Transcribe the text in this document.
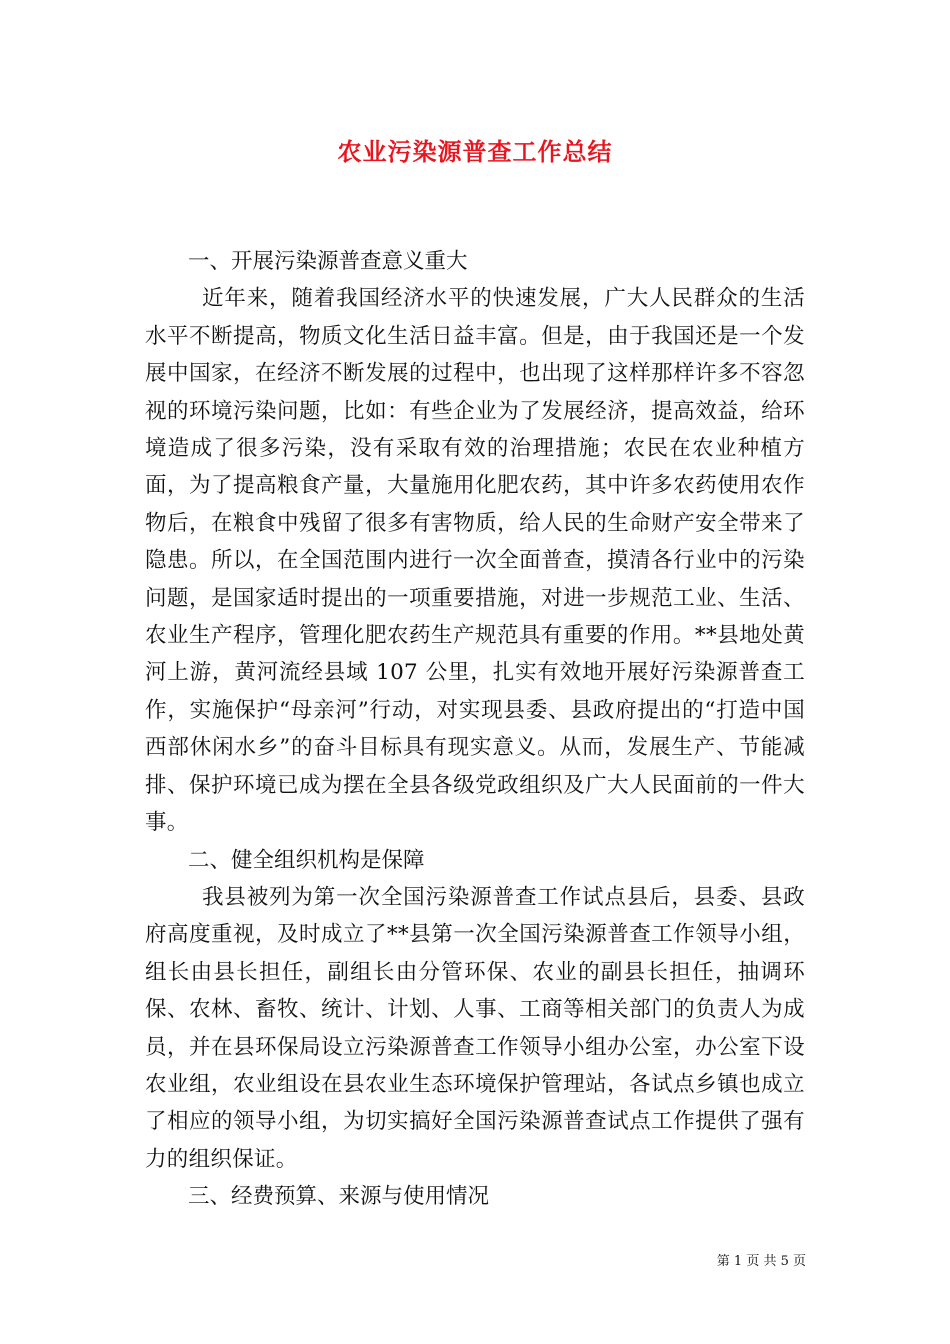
农业污染源普查工作总结

一、开展污染源普查意义重大

近年来，随着我国经济水平的快速发展，广大人民群众的生活水平不断提高，物质文化生活日益丰富。但是，由于我国还是一个发展中国家，在经济不断发展的过程中，也出现了这样那样许多不容忽视的环境污染问题，比如：有些企业为了发展经济，提高效益，给环境造成了很多污染，没有采取有效的治理措施；农民在农业种植方面，为了提高粮食产量，大量施用化肥农药，其中许多农药使用农作物后，在粮食中残留了很多有害物质，给人民的生命财产安全带来了隐患。所以，在全国范围内进行一次全面普查，摸清各行业中的污染问题，是国家适时提出的一项重要措施，对进一步规范工业、生活、农业生产程序，管理化肥农药生产规范具有重要的作用。**县地处黄河上游，黄河流经县域 107 公里，扎实有效地开展好污染源普查工作，实施保护“母亲河”行动，对实现县委、县政府提出的“打造中国西部休闲水乡”的奋斗目标具有现实意义。从而，发展生产、节能减排、保护环境已成为摆在全县各级党政组织及广大人民面前的一件大事。

二、健全组织机构是保障

我县被列为第一次全国污染源普查工作试点县后，县委、县政府高度重视，及时成立了**县第一次全国污染源普查工作领导小组，组长由县长担任，副组长由分管环保、农业的副县长担任，抽调环保、农林、畜牧、统计、计划、人事、工商等相关部门的负责人为成员，并在县环保局设立污染源普查工作领导小组办公室，办公室下设农业组，农业组设在县农业生态环境保护管理站，各试点乡镇也成立了相应的领导小组，为切实搞好全国污染源普查试点工作提供了强有力的组织保证。

三、经费预算、来源与使用情况

第 1 页 共 5 页
